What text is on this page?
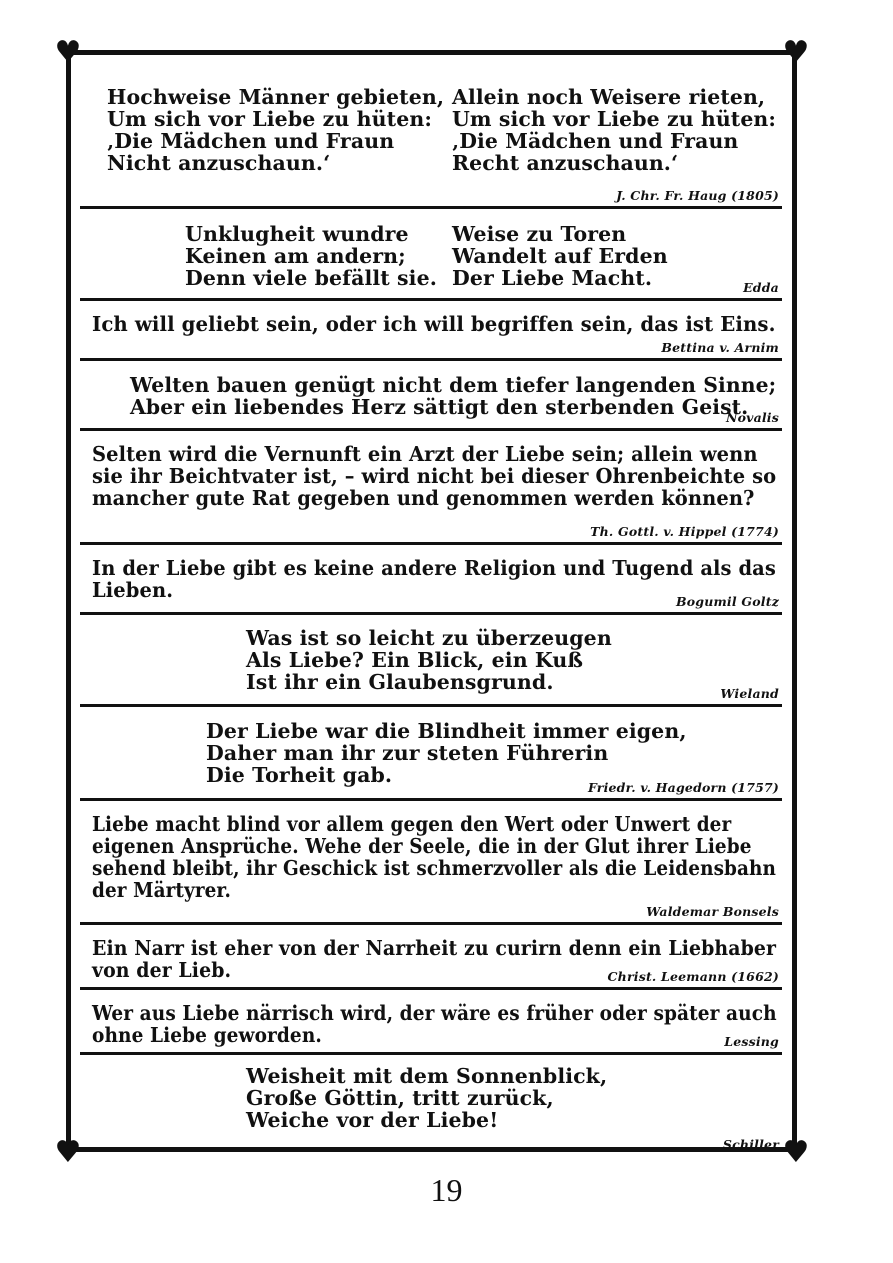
♥	♥
♥	♥
Hochweise Männer gebieten,
Um sich vor Liebe zu hüten:
‚Die Mädchen und Fraun
Nicht anzuschaun.‘
Allein noch Weisere rieten,
Um sich vor Liebe zu hüten:
‚Die Mädchen und Fraun
Recht anzuschaun.‘
J. Chr. Fr. Haug (1805)
Unklugheit wundre
Keinen am andern;
Denn viele befällt sie.
Weise zu Toren
Wandelt auf Erden
Der Liebe Macht.	Edda
Ich will geliebt sein, oder ich will begriffen sein, das ist Eins.
Bettina v. Arnim
Welten bauen genügt nicht dem tiefer langenden Sinne;
Aber ein liebendes Herz sättigt den sterbenden Geist.
Novalis
Selten wird die Vernunft ein Arzt der Liebe sein; allein wenn
sie ihr Beichtvater ist, – wird nicht bei dieser Ohrenbeichte so
mancher gute Rat gegeben und genommen werden können?
Th. Gottl. v. Hippel (1774)
In der Liebe gibt es keine andere Religion und Tugend als das
Lieben.	Bogumil Goltz
Was ist so leicht zu überzeugen
Als Liebe? Ein Blick, ein Kuß
Ist ihr ein Glaubensgrund.	Wieland
Der Liebe war die Blindheit immer eigen,
Daher man ihr zur steten Führerin
Die Torheit gab.
Friedr. v. Hagedorn (1757)
Liebe macht blind vor allem gegen den Wert oder Unwert der
eigenen Ansprüche. Wehe der Seele, die in der Glut ihrer Liebe
sehend bleibt, ihr Geschick ist schmerzvoller als die Leidensbahn
der Märtyrer.
Waldemar Bonsels
Ein Narr ist eher von der Narrheit zu curirn denn ein Liebhaber
von der Lieb.	Christ. Leemann (1662)
Wer aus Liebe närrisch wird, der wäre es früher oder später auch
ohne Liebe geworden.	Lessing
Weisheit mit dem Sonnenblick,
Große Göttin, tritt zurück,
Weiche vor der Liebe!
Schiller
19
